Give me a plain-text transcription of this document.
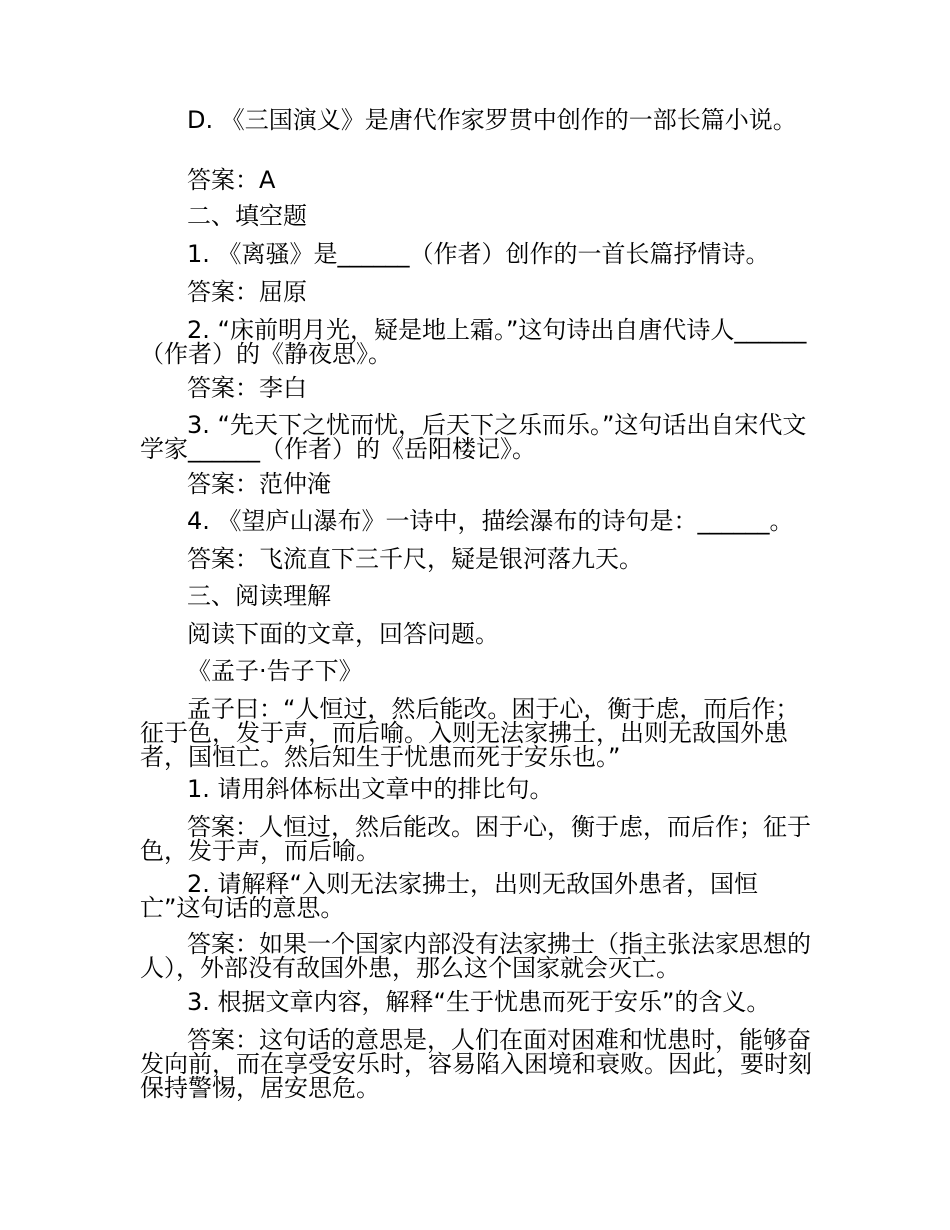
D. 《三国演义》是唐代作家罗贯中创作的一部长篇小说。

答案：A

二、填空题

1. 《离骚》是______（作者）创作的一首长篇抒情诗。

答案：屈原

2. “床前明月光，疑是地上霜。”这句诗出自唐代诗人______（作者）的《静夜思》。

答案：李白

3. “先天下之忧而忧，后天下之乐而乐。”这句话出自宋代文学家______（作者）的《岳阳楼记》。

答案：范仲淹

4. 《望庐山瀑布》一诗中，描绘瀑布的诗句是：______。

答案：飞流直下三千尺，疑是银河落九天。

三、阅读理解

阅读下面的文章，回答问题。

《孟子·告子下》

孟子曰：“人恒过，然后能改。困于心，衡于虑，而后作；征于色，发于声，而后喻。入则无法家拂士，出则无敌国外患者，国恒亡。然后知生于忧患而死于安乐也。”

1. 请用斜体标出文章中的排比句。

答案：人恒过，然后能改。困于心，衡于虑，而后作；征于色，发于声，而后喻。

2. 请解释“入则无法家拂士，出则无敌国外患者，国恒亡”这句话的意思。

答案：如果一个国家内部没有法家拂士（指主张法家思想的人），外部没有敌国外患，那么这个国家就会灭亡。

3. 根据文章内容，解释“生于忧患而死于安乐”的含义。

答案：这句话的意思是，人们在面对困难和忧患时，能够奋发向前，而在享受安乐时，容易陷入困境和衰败。因此，要时刻保持警惕，居安思危。
